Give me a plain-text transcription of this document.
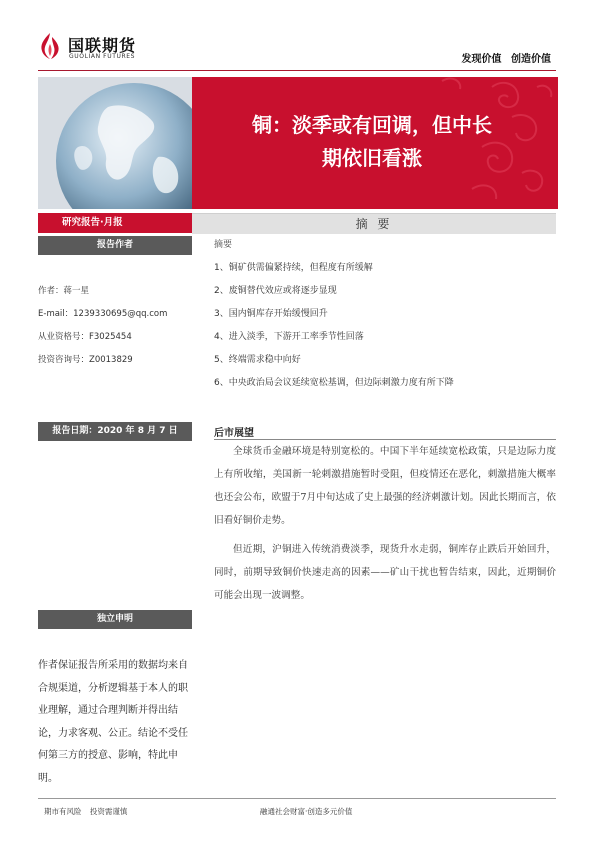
国联期货
GUOLIAN FUTURES	发现价值 创造价值
铜：淡季或有回调，但中长
期依旧看涨
研究报告·月报	摘 要
报告作者
作者：蒋一星
E-mail：1239330695@qq.com
从业资格号：F3025454
投资咨询号：Z0013829
报告日期：2020 年 8 月 7 日
独立申明
作者保证报告所采用的数据均来自合规渠道，分析逻辑基于本人的职业理解，通过合理判断并得出结论，力求客观、公正。结论不受任何第三方的授意、影响，特此申明。
摘要
1、铜矿供需偏紧持续，但程度有所缓解
2、废铜替代效应或将逐步显现
3、国内铜库存开始缓慢回升
4、进入淡季，下游开工率季节性回落
5、终端需求稳中向好
6、中央政治局会议延续宽松基调，但边际刺激力度有所下降
后市展望
全球货币金融环境是特别宽松的。中国下半年延续宽松政策，只是边际力度上有所收缩，美国新一轮刺激措施暂时受阻，但疫情还在恶化，刺激措施大概率也还会公布，欧盟于7月中旬达成了史上最强的经济刺激计划。因此长期而言，依旧看好铜价走势。
但近期，沪铜进入传统消费淡季，现货升水走弱，铜库存止跌后开始回升，同时，前期导致铜价快速走高的因素——矿山干扰也暂告结束，因此，近期铜价可能会出现一波调整。
期市有风险 投资需谨慎	融通社会财富·创造多元价值
